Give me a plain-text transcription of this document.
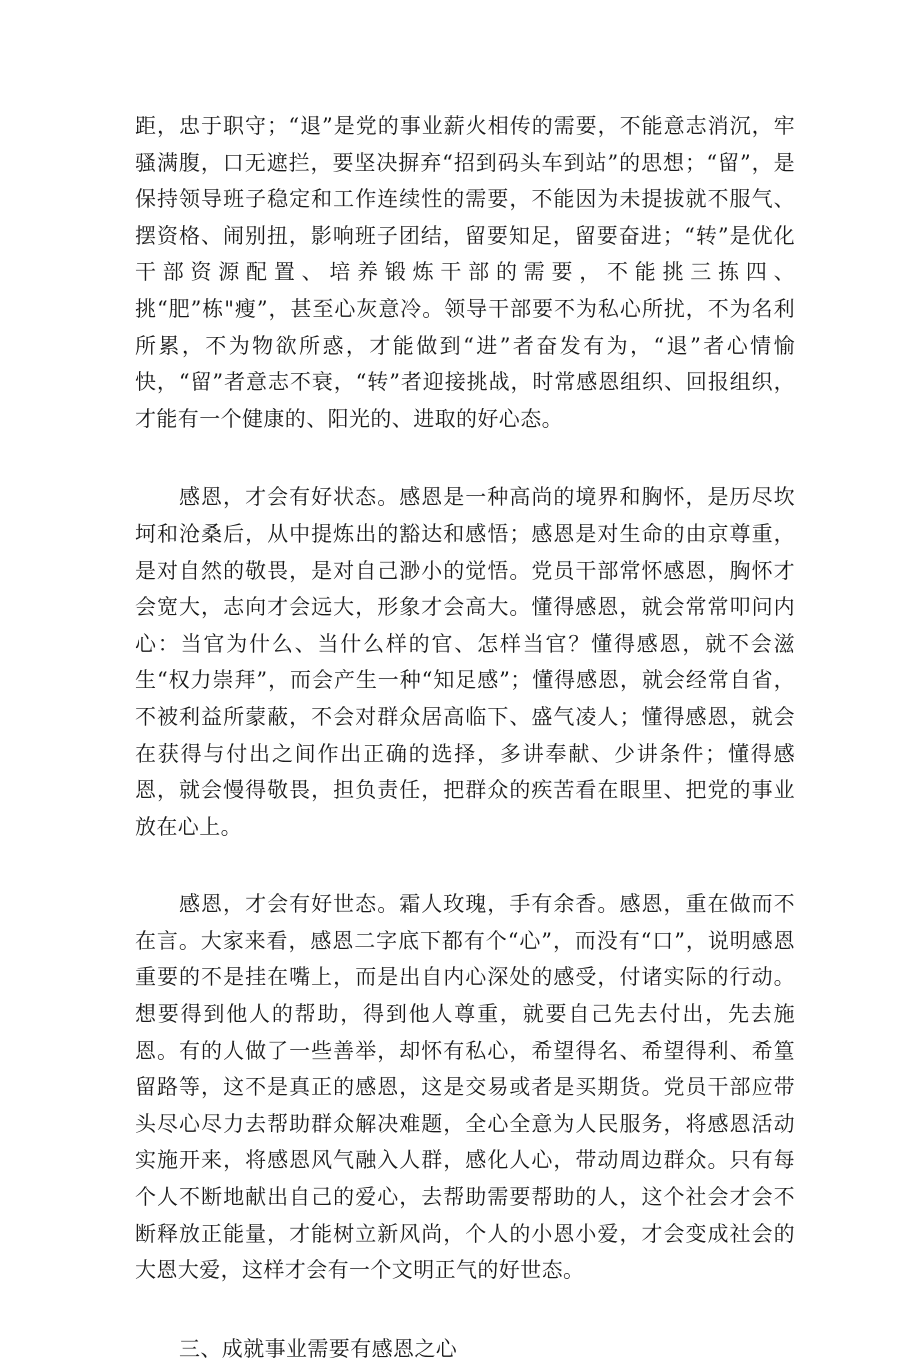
距，忠于职守；“退”是党的事业薪火相传的需要，不能意志消沉，牢骚满腹，口无遮拦，要坚决摒弃“招到码头车到站”的思想；“留”，是保持领导班子稳定和工作连续性的需要，不能因为未提拔就不服气、摆资格、闹别扭，影响班子团结，留要知足，留要奋进；“转”是优化干部资源配置、培养锻炼干部的需要，不能挑三拣四、挑“肥”栋"瘦”，甚至心灰意冷。领导干部要不为私心所扰，不为名利所累，不为物欲所惑，才能做到“进”者奋发有为，“退”者心情愉快，“留”者意志不衰，“转”者迎接挑战，时常感恩组织、回报组织，才能有一个健康的、阳光的、进取的好心态。

感恩，才会有好状态。感恩是一种高尚的境界和胸怀，是历尽坎坷和沧桑后，从中提炼出的豁达和感悟；感恩是对生命的由京尊重，是对自然的敬畏，是对自己渺小的觉悟。党员干部常怀感恩，胸怀才会宽大，志向才会远大，形象才会高大。懂得感恩，就会常常叩问内心：当官为什么、当什么样的官、怎样当官？懂得感恩，就不会滋生“权力崇拜”，而会产生一种“知足感”；懂得感恩，就会经常自省，不被利益所蒙蔽，不会对群众居高临下、盛气凌人；懂得感恩，就会在获得与付出之间作出正确的选择，多讲奉献、少讲条件；懂得感恩，就会慢得敬畏，担负责任，把群众的疾苦看在眼里、把党的事业放在心上。

感恩，才会有好世态。霜人玫瑰，手有余香。感恩，重在做而不在言。大家来看，感恩二字底下都有个“心”，而没有“口”，说明感恩重要的不是挂在嘴上，而是出自内心深处的感受，付诸实际的行动。想要得到他人的帮助，得到他人尊重，就要自己先去付出，先去施恩。有的人做了一些善举，却怀有私心，希望得名、希望得利、希篁留路等，这不是真正的感恩，这是交易或者是买期货。党员干部应带头尽心尽力去帮助群众解决难题，全心全意为人民服务，将感恩活动实施开来，将感恩风气融入人群，感化人心，带动周边群众。只有每个人不断地献出自己的爱心，去帮助需要帮助的人，这个社会才会不断释放正能量，才能树立新风尚，个人的小恩小爱，才会变成社会的大恩大爱，这样才会有一个文明正气的好世态。

三、成就事业需要有感恩之心
